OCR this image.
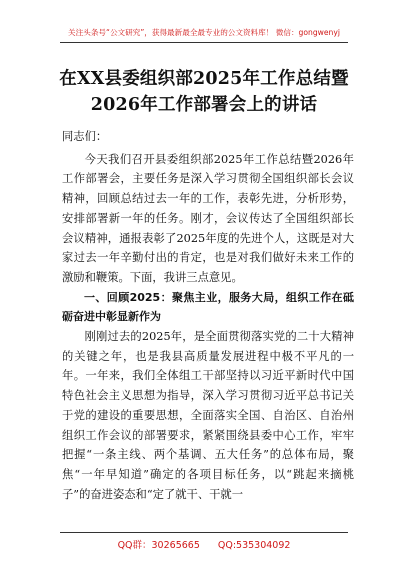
关注头条号“公文研究”，获得最新最全最专业的公文资料库！ 微信：gongwenyj
在XX县委组织部2025年工作总结暨
2026年工作部署会上的讲话

同志们：

今天我们召开县委组织部2025年工作总结暨2026年工作部署会，主要任务是深入学习贯彻全国组织部长会议精神，回顾总结过去一年的工作，表彰先进，分析形势，安排部署新一年的任务。刚才，会议传达了全国组织部长会议精神，通报表彰了2025年度的先进个人，这既是对大家过去一年辛勤付出的肯定，也是对我们做好未来工作的激励和鞭策。下面，我讲三点意见。

一、回顾2025：聚焦主业，服务大局，组织工作在砥砺奋进中彰显新作为

刚刚过去的2025年，是全面贯彻落实党的二十大精神的关键之年，也是我县高质量发展进程中极不平凡的一年。一年来，我们全体组工干部坚持以习近平新时代中国特色社会主义思想为指导，深入学习贯彻习近平总书记关于党的建设的重要思想，全面落实全国、自治区、自治州组织工作会议的部署要求，紧紧围绕县委中心工作，牢牢把握“一条主线、两个基调、五大任务”的总体布局，聚焦“一年早知道”确定的各项目标任务，以“跳起来摘桃子”的奋进姿态和“定了就干、干就一

QQ群：30265665 QQ:535304092
